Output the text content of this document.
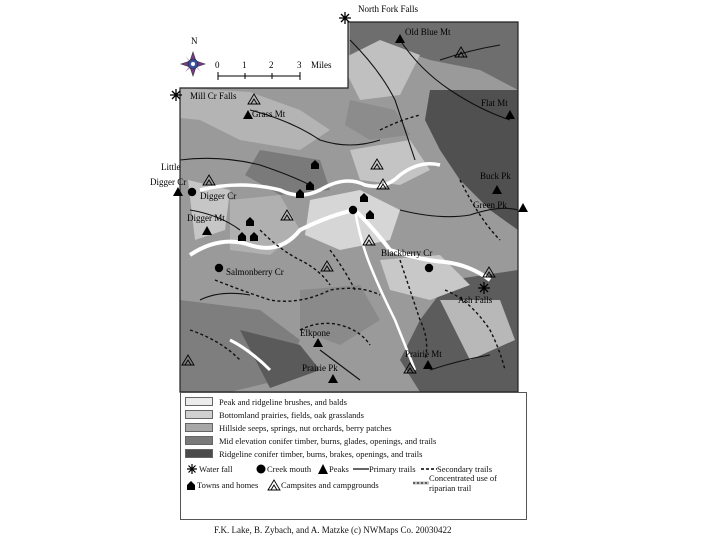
N
0	1	2	3 Miles
North Fork Falls
Old Blue Mt
Mill Cr Falls
Grass Mt
Flat Mt
Little
Digger Cr
Digger Cr
Digger Mt
Buck Pk
Green Pk
Salmonberry Cr
Blackberry Cr
Ash Falls
Elkpone
Prairie Mt
Prairie Pk
Peak and ridgeline brushes, and balds
Bottomland prairies, fields, oak grasslands
Hillside seeps, springs, nut orchards, berry patches
Mid elevation conifer timber, burns, glades, openings, and trails
Ridgeline conifer timber, burns, brakes, openings, and trails
Water fall	Creek mouth Peaks Primary trails	Secondary trails
Towns and homes	Campsites and campgrounds
Concentrated use of
riparian trail
F.K. Lake, B. Zybach, and A. Matzke (c) NWMaps Co. 20030422
